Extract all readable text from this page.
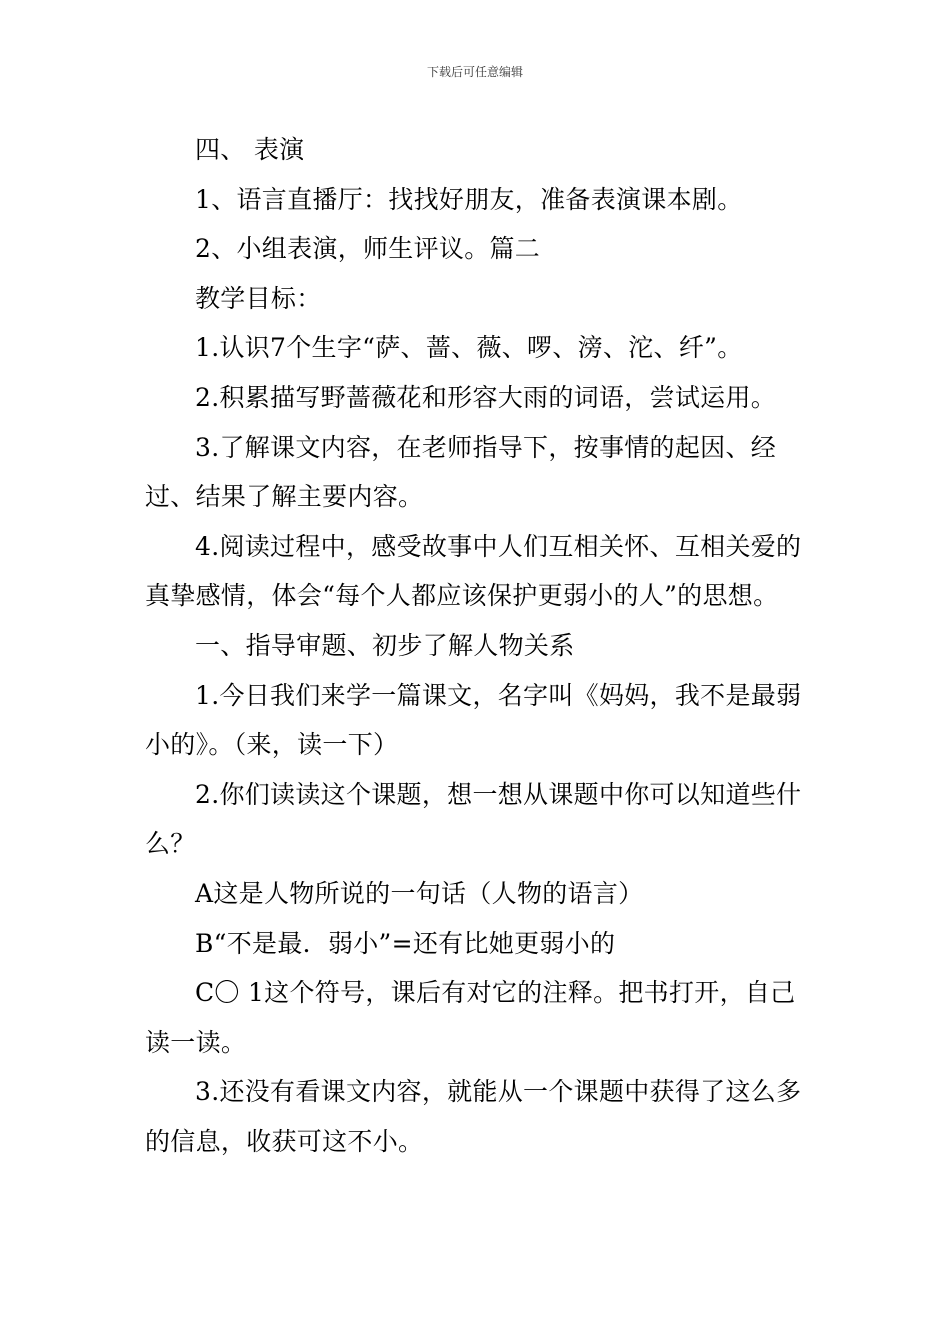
下载后可任意编辑

四、 表演

1、语言直播厅：找找好朋友，准备表演课本剧。

2、小组表演，师生评议。篇二

教学目标：

1.认识7个生字“萨、蔷、薇、啰、滂、沱、纤”。

2.积累描写野蔷薇花和形容大雨的词语，尝试运用。

3.了解课文内容，在老师指导下，按事情的起因、经过、结果了解主要内容。

4.阅读过程中，感受故事中人们互相关怀、互相关爱的真挚感情，体会“每个人都应该保护更弱小的人”的思想。

一、指导审题、初步了解人物关系

1.今日我们来学一篇课文，名字叫《妈妈，我不是最弱小的》。（来，读一下）

2.你们读读这个课题，想一想从课题中你可以知道些什么？

A这是人物所说的一句话（人物的语言）

B“不是最．弱小”=还有比她更弱小的

C〇 1这个符号，课后有对它的注释。把书打开，自己读一读。

3.还没有看课文内容，就能从一个课题中获得了这么多的信息，收获可这不小。
